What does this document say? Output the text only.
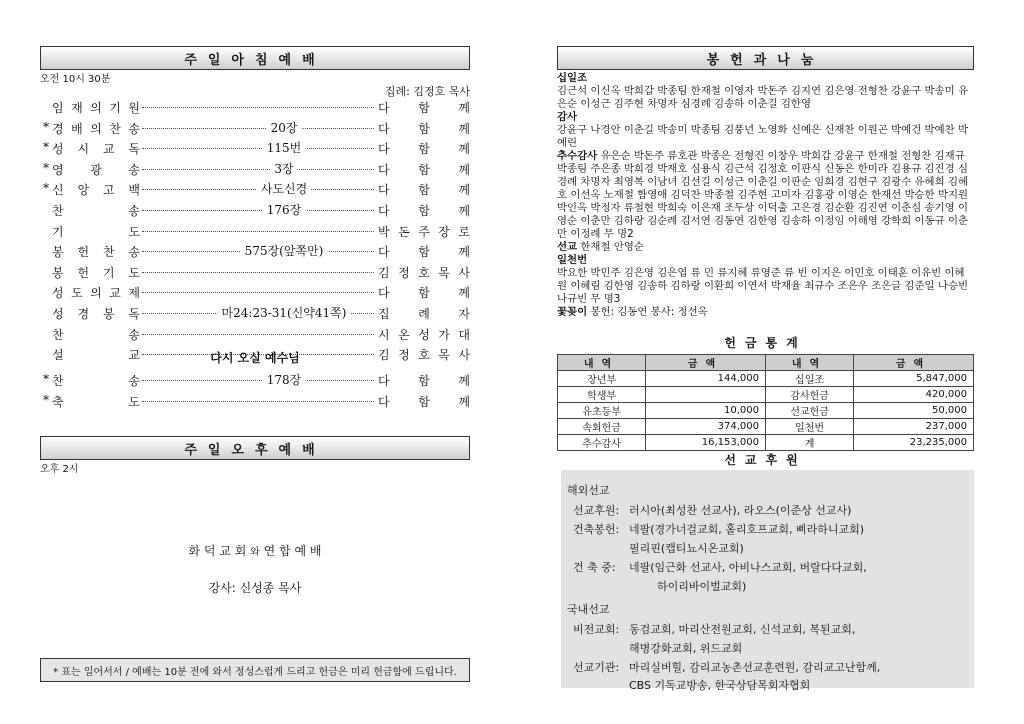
주일아침예배
오전 10시 30분
집례: 김정호 목사
임 재 의 기 원	다 함 께
* 경 배 의 찬 송	20장	다 함 께
* 성 시 교 독	115번	다 함 께
* 영 광 송	3장	다 함 께
* 신 앙 고 백	사도신경	다 함 께
찬	송	176장	다 함 께
기	도	박 돈 주 장 로
봉 헌 찬 송	575장(앞쪽만)	다 함 께
봉 헌 기 도	김 정 호 목 사
성 도 의 교 제	다 함 께
성 경 봉 독	마24:23-31(신약41쪽)	집 례 자
찬	송	시 온 성 가 대
설	교	김 정 호 목 사
다시 오실 예수님
* 찬	송	178장	다 함 께
* 축	도	다 함 께
주일오후예배
오후 2시
화 덕 교 회 와 연 합 예 배
강사: 신성종 목사
* 표는 일어서서 / 예배는 10분 전에 와서 정성스럽게 드리고 헌금은 미리 헌금함에 드립니다.
봉헌과나눔
십일조
김근석 이신옥 박희갑 박종팀 한재철 이영자 박돈주 김지연 김은영 전형찬 강윤구 박송미 유은순 이성근 김주현 차명자 심경례 김송하 이춘길 김한영
감사
강윤구 나경안 이춘길 박송미 박종팀 김풍년 노영화 신예은 신재찬 이원곤 박예건 박예찬 박예린
추수감사 유은순 박돈주 류호관 박종은 전형진 이창우 박희갑 강윤구 한재철 전형찬 김재규 박종팀 주은종 박희경 박재호 심용식 김근석 김정호 이판식 신동은 한미라 김용규 김진경 심경례 차명자 최영복 이남녀 김선길 이성근 이춘길 이판순 임희경 김현구 김광수 유혜희 김혜호 이선옥 노재철 함영애 김덕찬 박종철 김주현 고미자 김홍광 이영순 한재선 박승한 박지원 박인옥 박정자 류철현 박희숙 이은재 조두상 이덕출 고은경 김순환 김진연 이춘심 송기영 이영순 이춘만 김하랑 김순례 김서연 김동연 김한영 김송하 이정임 이해영 강학희 이동규 이춘만 이정례 무 명2
선교 한재철 안영순
일천번
박요한 박민주 김은영 김은엽 류 민 류지혜 류영준 류 빈 이지은 이민호 이태훈 이유빈 이혜원 이혜림 김한영 김송하 김하랑 이환희 이연서 박재율 최규수 조은우 조은글 김준일 나승빈 나규빈 무 명3
꽃꽂이 봉헌: 김동연 봉사: 정선옥
헌금통계
내역	금액	내역	금액
장년부	144,000	십일조	5,847,000
학생부		감사헌금	420,000
유초등부	10,000	선교헌금	50,000
속회헌금	374,000	일천번	237,000
추수감사	16,153,000	계	23,235,000
선교후원
해외선교
선교후원: 러시아(최성찬 선교사), 라오스(이준상 선교사)
건축봉헌: 네팔(경가너걸교회, 홀리호프교회, 삐라하니교회)
필리핀(캡티뇨시온교회)
건 축 중: 네팔(임근화 선교사, 아비나스교회, 버랄다다교회,
하이리바이벌교회)
국내선교
비전교회: 동검교회, 마리산전원교회, 신석교회, 복된교회,
해병강화교회, 위드교회
선교기관: 마리실버힐, 감리교농촌선교훈련원, 감리교고난함께,
CBS 기독교방송, 한국상담목회자협회
